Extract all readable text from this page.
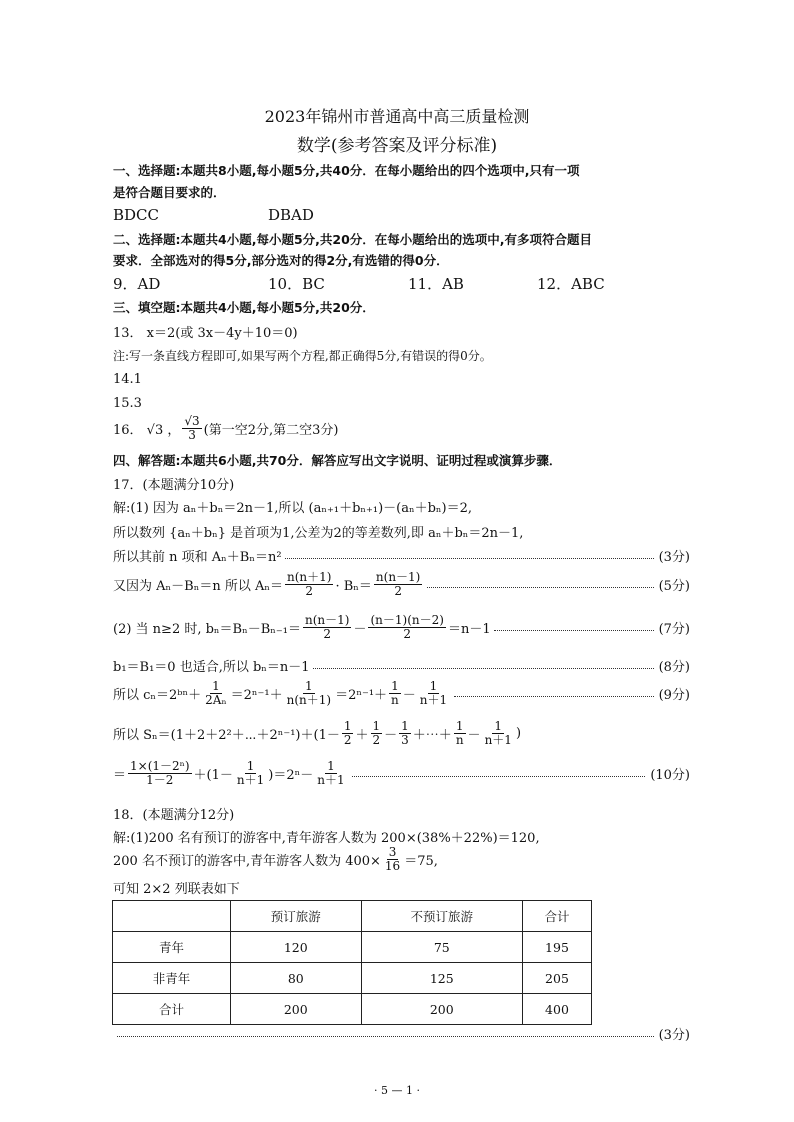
2023年锦州市普通高中高三质量检测
数学(参考答案及评分标准)
一、选择题:本题共8小题,每小题5分,共40分．在每小题给出的四个选项中,只有一项
是符合题目要求的．
BDCC	DBAD
二、选择题:本题共4小题,每小题5分,共20分．在每小题给出的选项中,有多项符合题目
要求．全部选对的得5分,部分选对的得2分,有选错的得0分．
9．AD	10．BC	11．AB	12．ABC
三、填空题:本题共4小题,每小题5分,共20分．
13． x＝2(或 3x－4y＋10＝0)
注:写一条直线方程即可,如果写两个方程,都正确得5分,有错误的得0分。
14.1
15.3
16． √3 ， $\frac{√3}{3}$ (第一空2分,第二空3分)
四、解答题:本题共6小题,共70分．解答应写出文字说明、证明过程或演算步骤．
17．(本题满分10分)
解:(1) 因为 aₙ＋bₙ＝2n－1,所以 (aₙ₊₁＋bₙ₊₁)－(aₙ＋bₙ)＝2,
所以数列 {aₙ＋bₙ} 是首项为1,公差为2的等差数列,即 aₙ＋bₙ＝2n－1,
所以其前 n 项和 Aₙ＋Bₙ＝n²	(3分)
又因为 Aₙ－Bₙ＝n 所以 $A_n= \frac{n(n+1)}{2} \cdot B_n= \frac{n(n-1)}{2}$	(5分)
(2) 当 n≥2 时, $b_n=B_n-B_{n-1}= \frac{n(n-1)}{2} - \frac{(n-1)(n-2)}{2} =n-1$	(7分)
b₁＝B₁＝0 也适合,所以 bₙ＝n－1	(8分)
所以 cₙ＝2ᵇⁿ＋ $\frac{1}{\text{2Aₙ}} =2^{n-1}+ \frac{1}{n(n+1)} =2^{n-1}+ \frac{1}{n} - \frac{1}{n+1}$	(9分)
所以 Sₙ＝(1＋2＋2²＋⋯＋2ⁿ⁻¹)＋(1－ $\frac{1}{2} + \frac{1}{2} - \frac{1}{3}$ ＋⋯＋ $\frac{1}{n} - \frac{1}{n+1}$ )
＝ $\frac{\text{1×(1－2ⁿ)}}{1-2} +(1- \frac{1}{n+1} )=2^n- \frac{1}{n+1}$	(10分)
18．(本题满分12分)
解:(1)200 名有预订的游客中,青年游客人数为 200×(38%＋22%)＝120,
200 名不预订的游客中,青年游客人数为 $400\times \frac{3}{16} =75$,
可知 2×2 列联表如下
	预订旅游	不预订旅游	合计
青年	120	75	195
非青年	80	125	205
合计	200	200	400
(3分)
· 5 — 1 ·
